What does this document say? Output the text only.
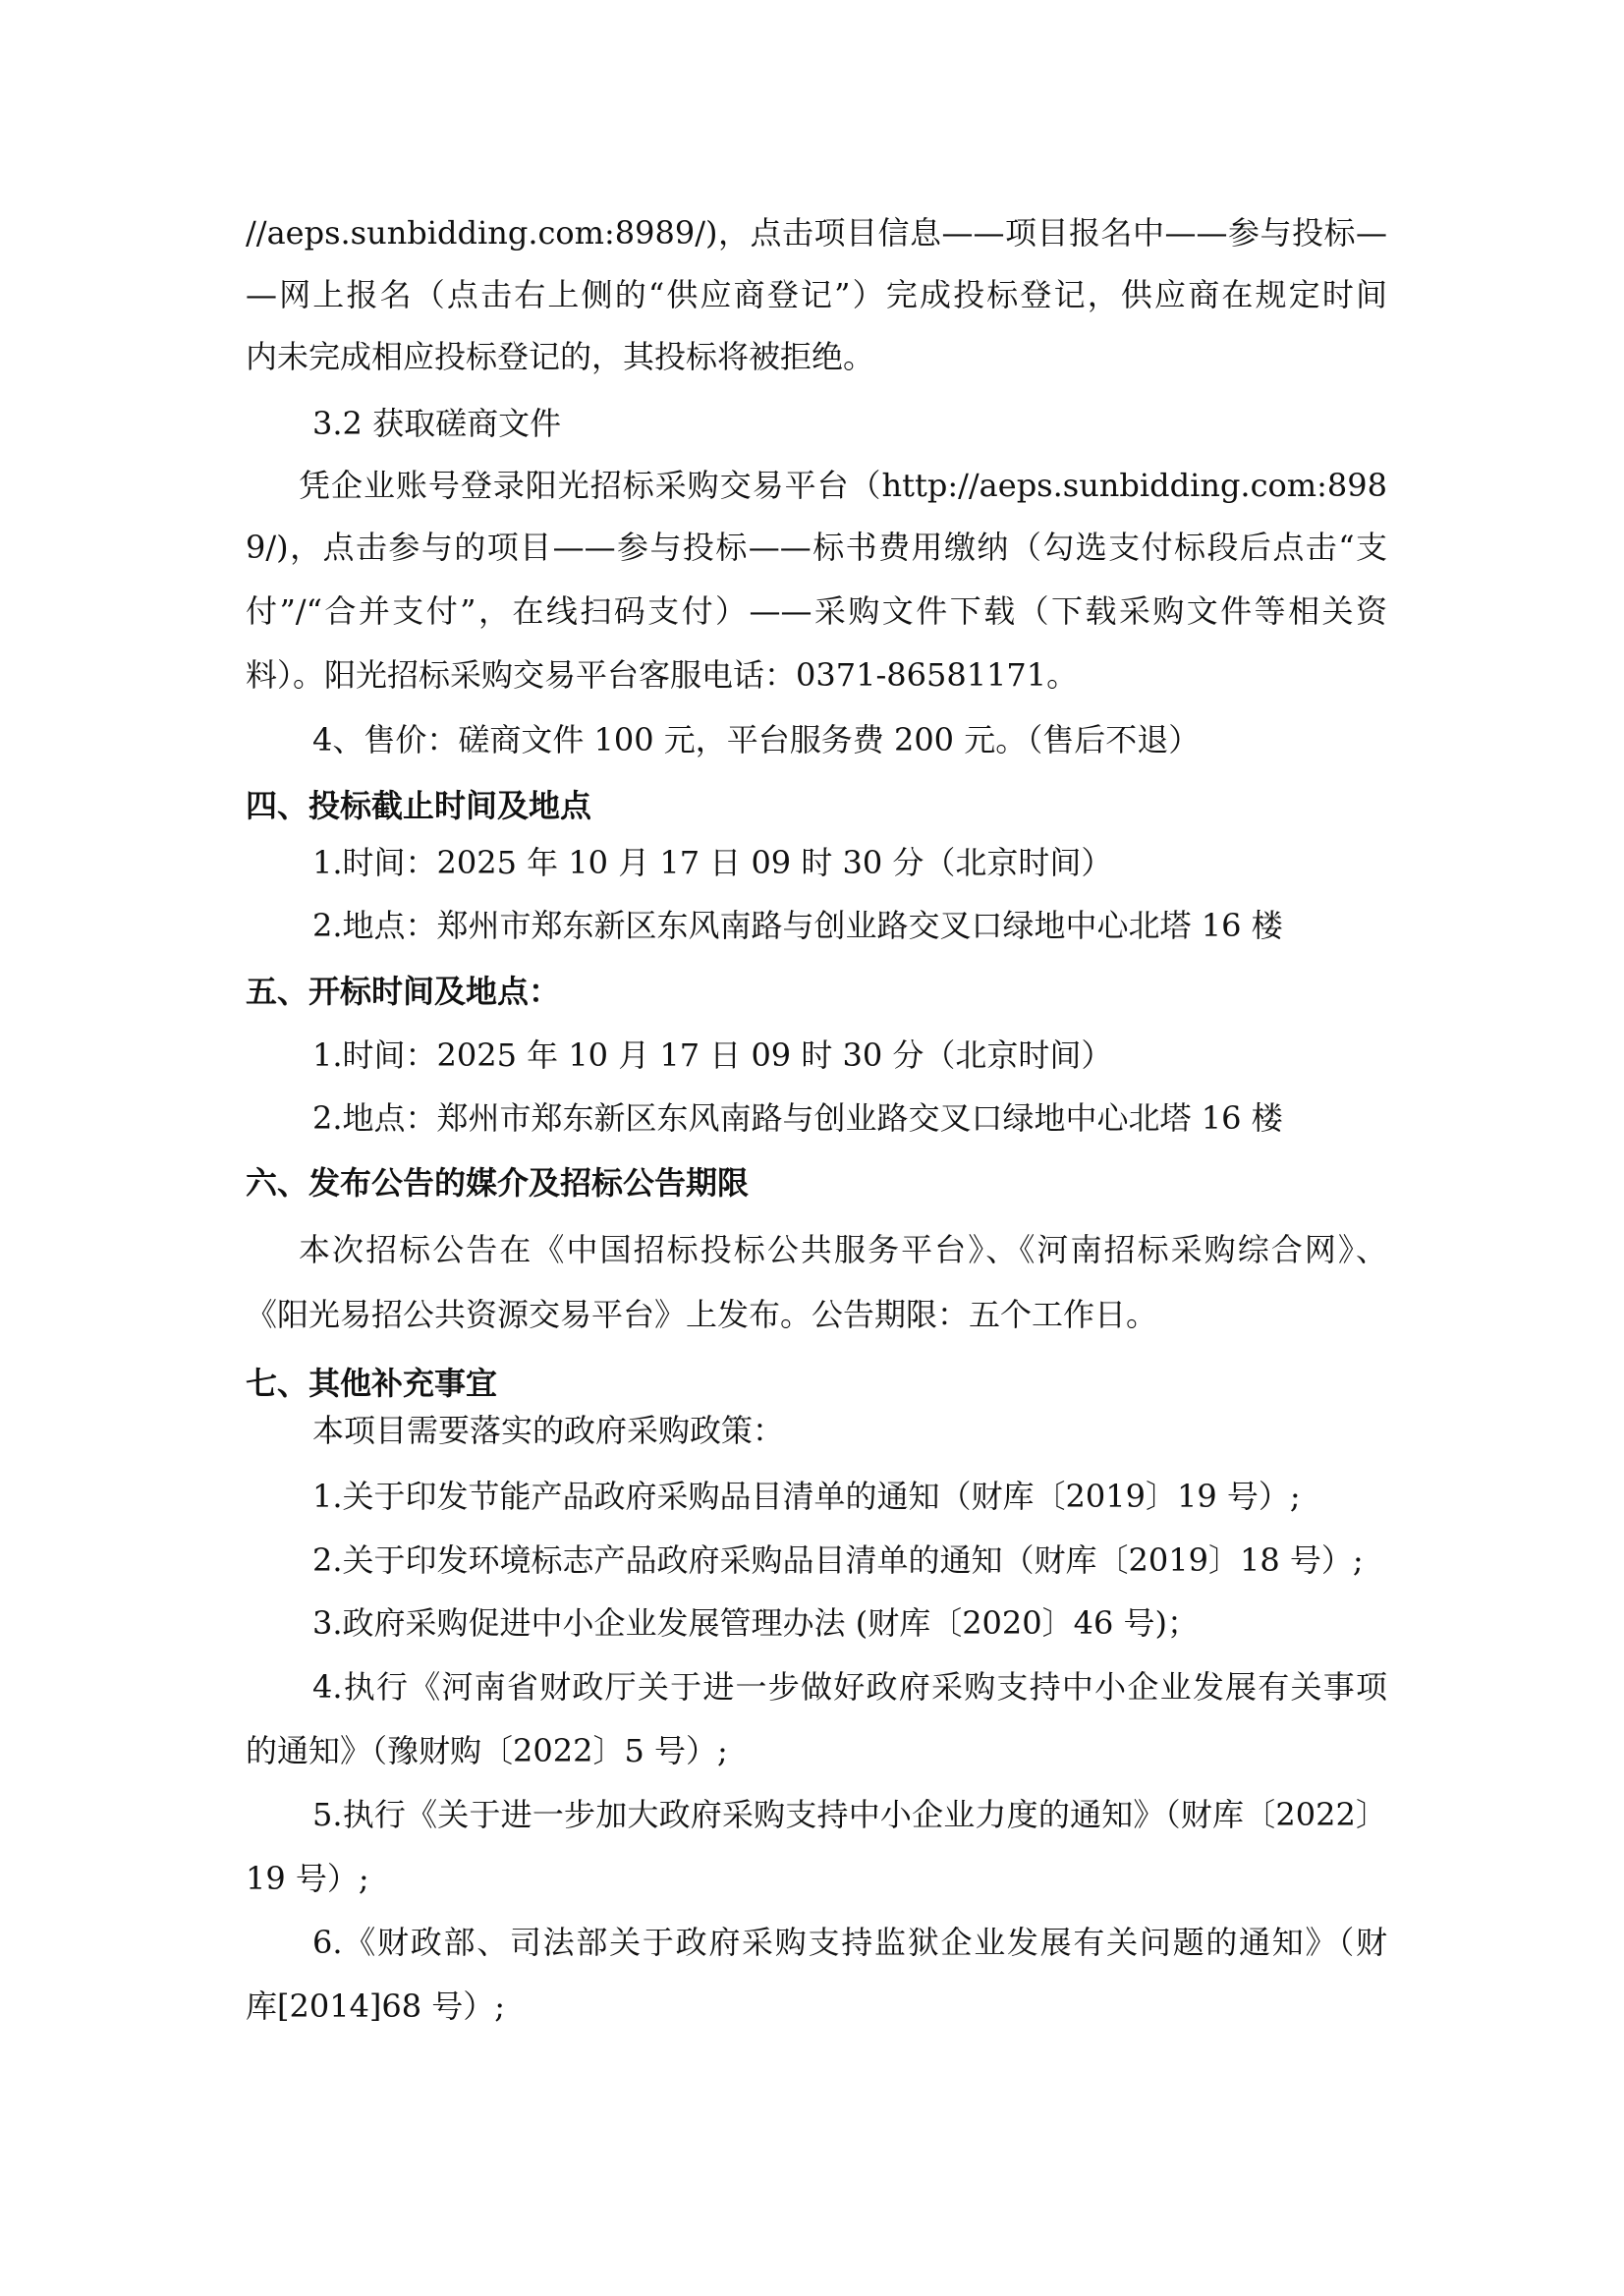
//aeps.sunbidding.com:8989/)，点击项目信息——项目报名中——参与投标—
—网上报名（点击右上侧的“供应商登记”）完成投标登记，供应商在规定时间
内未完成相应投标登记的，其投标将被拒绝。
3.2 获取磋商文件
凭企业账号登录阳光招标采购交易平台（http://aeps.sunbidding.com:898
9/)，点击参与的项目——参与投标——标书费用缴纳（勾选支付标段后点击“支
付”/“合并支付”，在线扫码支付）——采购文件下载（下载采购文件等相关资
料）。阳光招标采购交易平台客服电话：0371-86581171。
4、售价：磋商文件 100 元，平台服务费 200 元。（售后不退）
四、投标截止时间及地点
1.时间：2025 年 10 月 17 日 09 时 30 分（北京时间）
2.地点：郑州市郑东新区东风南路与创业路交叉口绿地中心北塔 16 楼
五、开标时间及地点：
1.时间：2025 年 10 月 17 日 09 时 30 分（北京时间）
2.地点：郑州市郑东新区东风南路与创业路交叉口绿地中心北塔 16 楼
六、发布公告的媒介及招标公告期限
本次招标公告在《中国招标投标公共服务平台》、《河南招标采购综合网》、
《阳光易招公共资源交易平台》上发布。公告期限：五个工作日。
七、其他补充事宜
本项目需要落实的政府采购政策：
1.关于印发节能产品政府采购品目清单的通知（财库〔2019〕19 号）;
2.关于印发环境标志产品政府采购品目清单的通知（财库〔2019〕18 号）;
3.政府采购促进中小企业发展管理办法 (财库〔2020〕46 号)；
4.执行《河南省财政厅关于进一步做好政府采购支持中小企业发展有关事项
的通知》（豫财购〔2022〕5 号）;
5.执行《关于进一步加大政府采购支持中小企业力度的通知》（财库〔2022〕
19 号）;
6.《财政部、司法部关于政府采购支持监狱企业发展有关问题的通知》（财
库[2014]68 号）;
